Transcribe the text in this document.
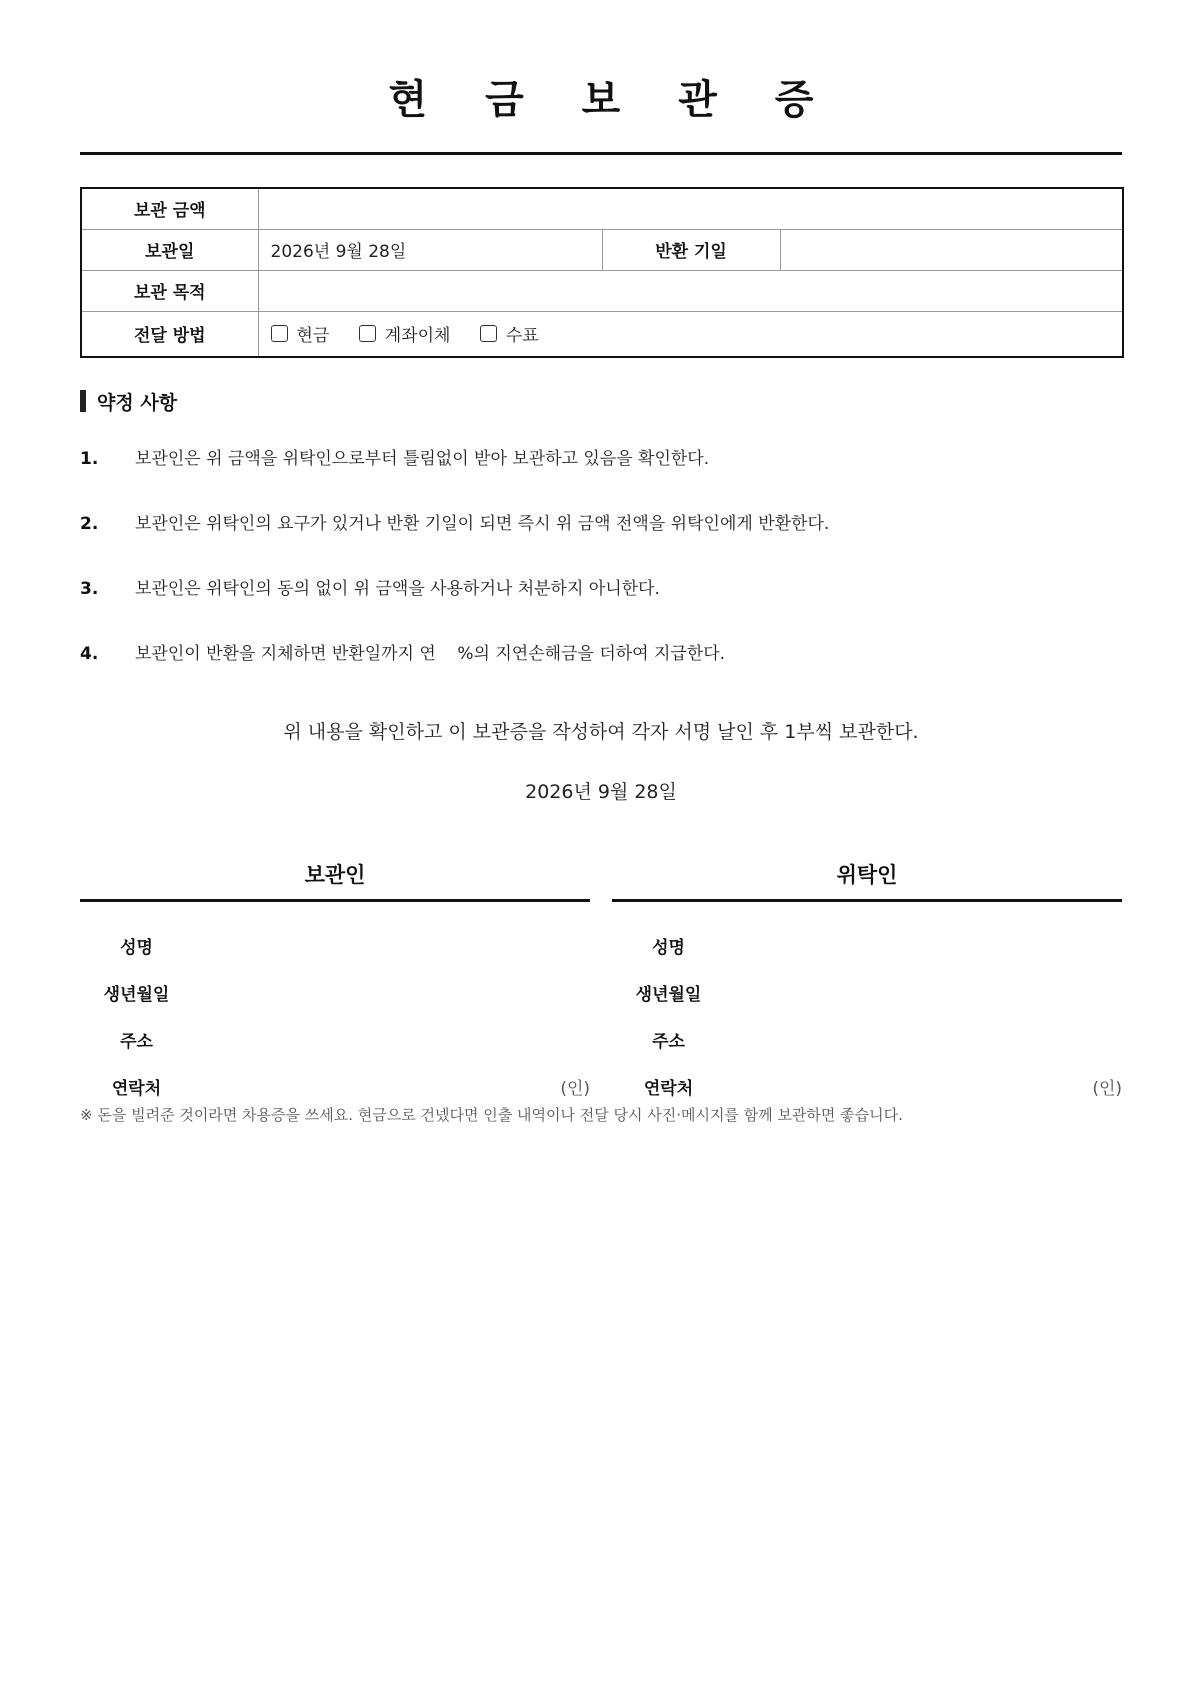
현 금 보 관 증
보관 금액			
보관일	2026년 9월 28일	반환 기일	
보관 목적			
전달 방법	현금
계좌이체
수표		
약정 사항
1.	보관인은 위 금액을 위탁인으로부터 틀림없이 받아 보관하고 있음을 확인한다.
2.	보관인은 위탁인의 요구가 있거나 반환 기일이 되면 즉시 위 금액 전액을 위탁인에게 반환한다.
3.	보관인은 위탁인의 동의 없이 위 금액을 사용하거나 처분하지 아니한다.
4.	보관인이 반환을 지체하면 반환일까지 연    %의 지연손해금을 더하여 지급한다.
위 내용을 확인하고 이 보관증을 작성하여 각자 서명 날인 후 1부씩 보관한다.
2026년 9월 28일
보관인
성명
생년월일
주소
연락처	(인)
위탁인
성명
생년월일
주소
연락처	(인)
※ 돈을 빌려준 것이라면 차용증을 쓰세요. 현금으로 건넸다면 인출 내역이나 전달 당시 사진·메시지를 함께 보관하면 좋습니다.
